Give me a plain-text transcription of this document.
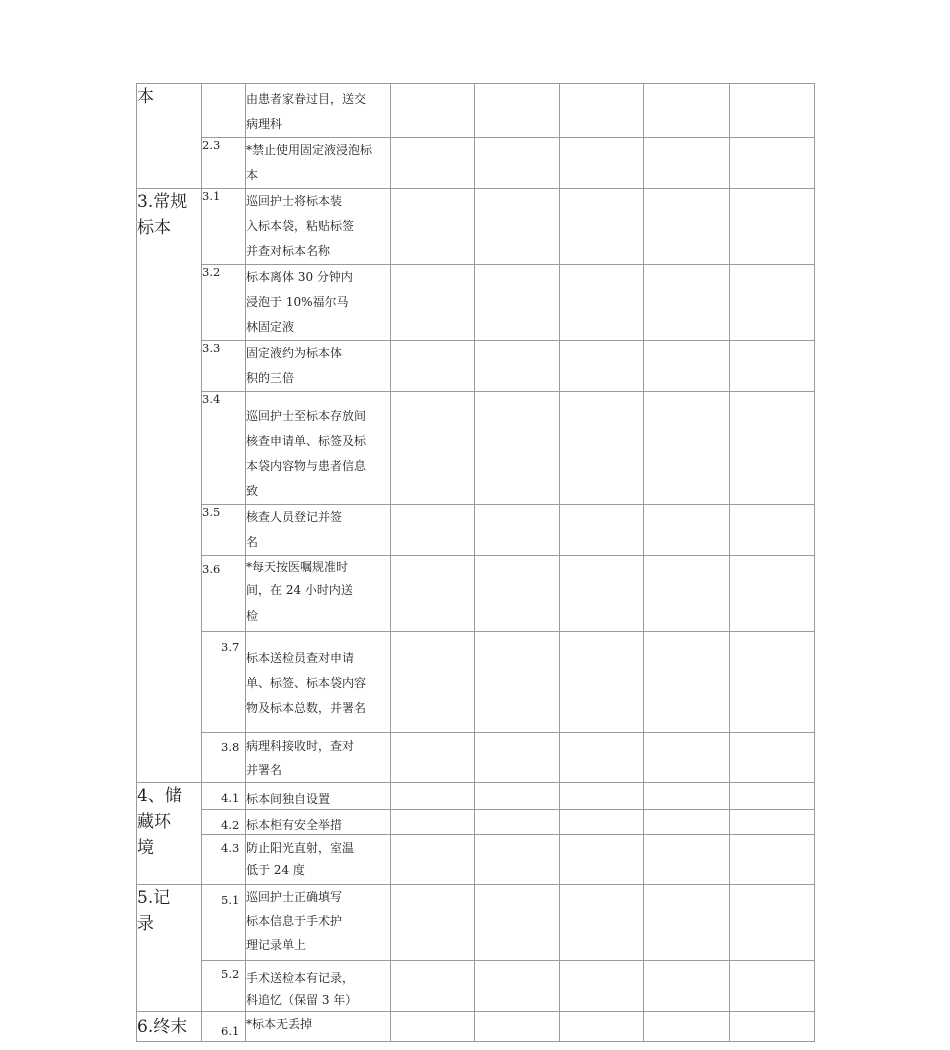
本		由患者家眷过目，送交
病理科					

	2.3	*禁止使用固定液浸泡标
本					

3.常规
标本	3.1	巡回护士将标本装
入标本袋，粘贴标签
并查对标本名称					

	3.2	标本离体 30 分钟内
浸泡于 10%福尔马
林固定液					

	3.3	固定液约为标本体
积的三倍					

	3.4	巡回护士至标本存放间
核查申请单、标签及标
本袋内容物与患者信息
致					

	3.5	核查人员登记并签
名					

	3.6	*每天按医嘱规准时
间，在 24 小时内送
检					

	3.7	标本送检员查对申请
单、标签、标本袋内容
物及标本总数，并署名					

	3.8	病理科接收时，查对
并署名					

4、储
藏环
境	4.1	标本间独自设置					

	4.2	标本柜有安全举措					

	4.3	防止阳光直射，室温
低于 24 度					

5.记
录	5.1	巡回护士正确填写
标本信息于手术护
理记录单上					

	5.2	手术送检本有记录，
科追忆（保留 3 年）					

6.终末	6.1	*标本无丢掉					
